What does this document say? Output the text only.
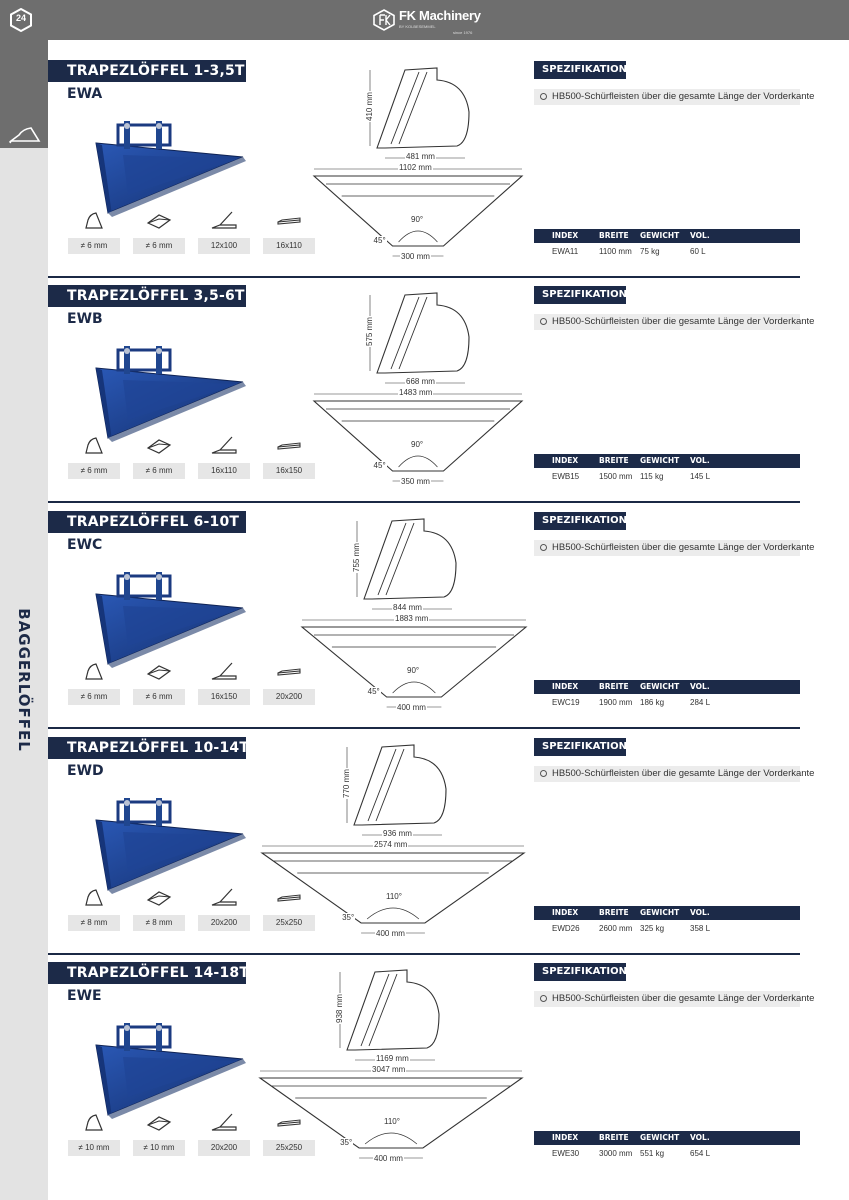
24	FK Machinery
BY KOLBESEMMEL
since 1976
BAGGERLÖFFEL
TRAPEZLÖFFEL 1-3,5T
EWA
≠ 6 mm	≠ 6 mm	12x100	16x110
410 mm
481 mm
1102 mm
90°
45°
300 mm
SPEZIFIKATION
HB500-Schürfleisten über die gesamte Länge der Vorderkante
INDEX	BREITE GEWICHT VOL.
EWA11	1100 mm 75 kg	60 L
TRAPEZLÖFFEL 3,5-6T
EWB
≠ 6 mm	≠ 6 mm	16x110	16x150
575 mm
668 mm
1483 mm
90°
45°
350 mm
SPEZIFIKATION
HB500-Schürfleisten über die gesamte Länge der Vorderkante
INDEX	BREITE GEWICHT VOL.
EWB15 1500 mm 115 kg	145 L
TRAPEZLÖFFEL 6-10T
EWC
≠ 6 mm	≠ 6 mm	16x150	20x200
755 mm
844 mm
1883 mm
90°
45°
400 mm
SPEZIFIKATION
HB500-Schürfleisten über die gesamte Länge der Vorderkante
INDEX	BREITE GEWICHT VOL.
EWC19 1900 mm 186 kg	284 L
TRAPEZLÖFFEL 10-14T
EWD
≠ 8 mm	≠ 8 mm	20x200	25x250
770 mm
936 mm
2574 mm
110°
35°
400 mm
SPEZIFIKATION
HB500-Schürfleisten über die gesamte Länge der Vorderkante
INDEX	BREITE GEWICHT VOL.
EWD26 2600 mm 325 kg	358 L
TRAPEZLÖFFEL 14-18T
EWE
≠ 10 mm	≠ 10 mm	20x200	25x250
938 mm
1169 mm
3047 mm
110°
35°
400 mm
SPEZIFIKATION
HB500-Schürfleisten über die gesamte Länge der Vorderkante
INDEX	BREITE GEWICHT VOL.
EWE30 3000 mm 551 kg	654 L
